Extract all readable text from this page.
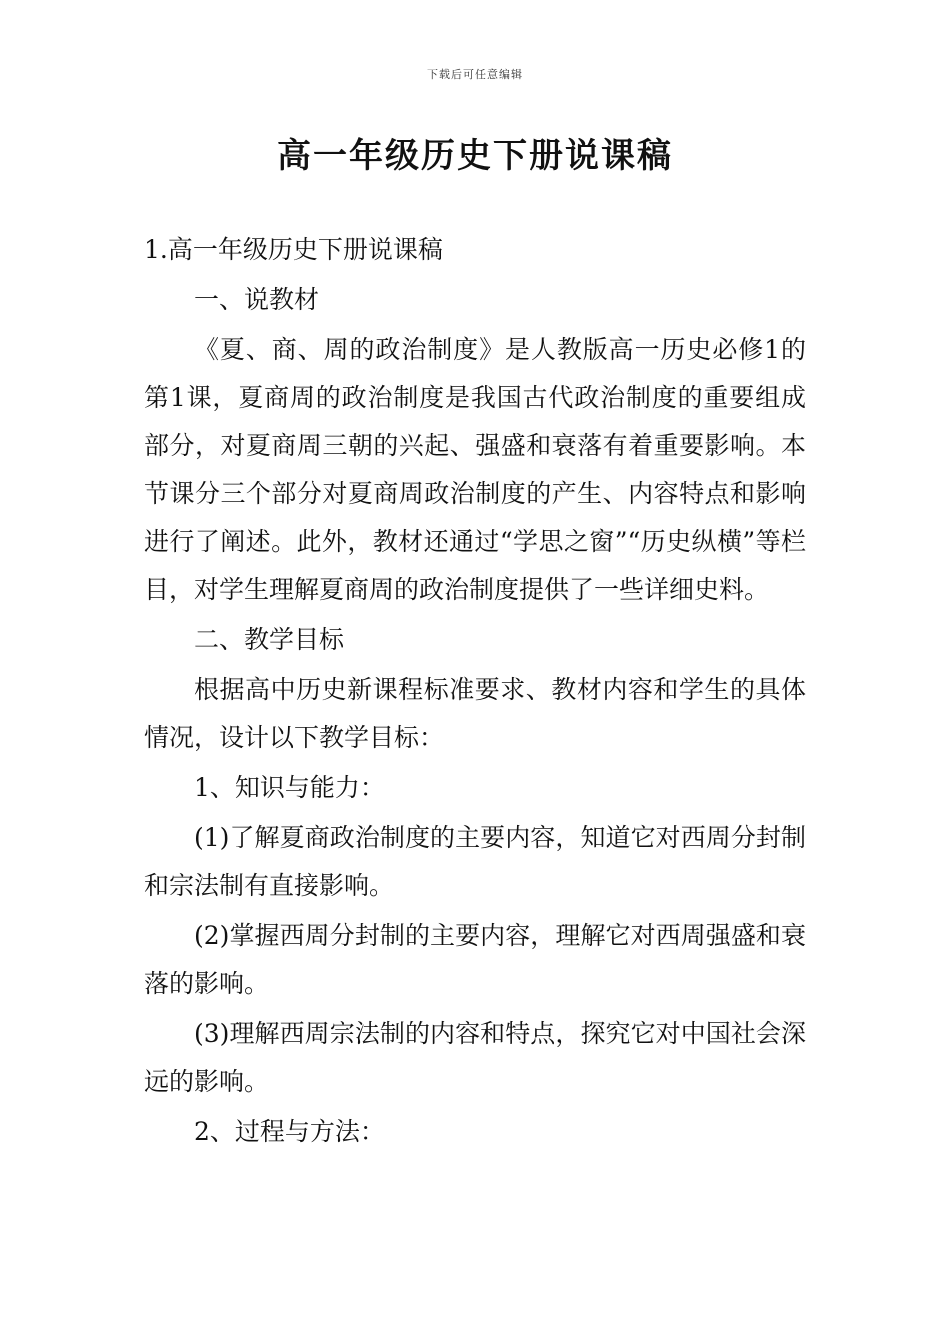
下载后可任意编辑
高一年级历史下册说课稿

1.高一年级历史下册说课稿

一、说教材

《夏、商、周的政治制度》是人教版高一历史必修1的第1课，夏商周的政治制度是我国古代政治制度的重要组成部分，对夏商周三朝的兴起、强盛和衰落有着重要影响。本节课分三个部分对夏商周政治制度的产生、内容特点和影响进行了阐述。此外，教材还通过“学思之窗”“历史纵横”等栏目，对学生理解夏商周的政治制度提供了一些详细史料。

二、教学目标

根据高中历史新课程标准要求、教材内容和学生的具体情况，设计以下教学目标：

1、知识与能力：

(1)了解夏商政治制度的主要内容，知道它对西周分封制和宗法制有直接影响。

(2)掌握西周分封制的主要内容，理解它对西周强盛和衰落的影响。

(3)理解西周宗法制的内容和特点，探究它对中国社会深远的影响。

2、过程与方法：
